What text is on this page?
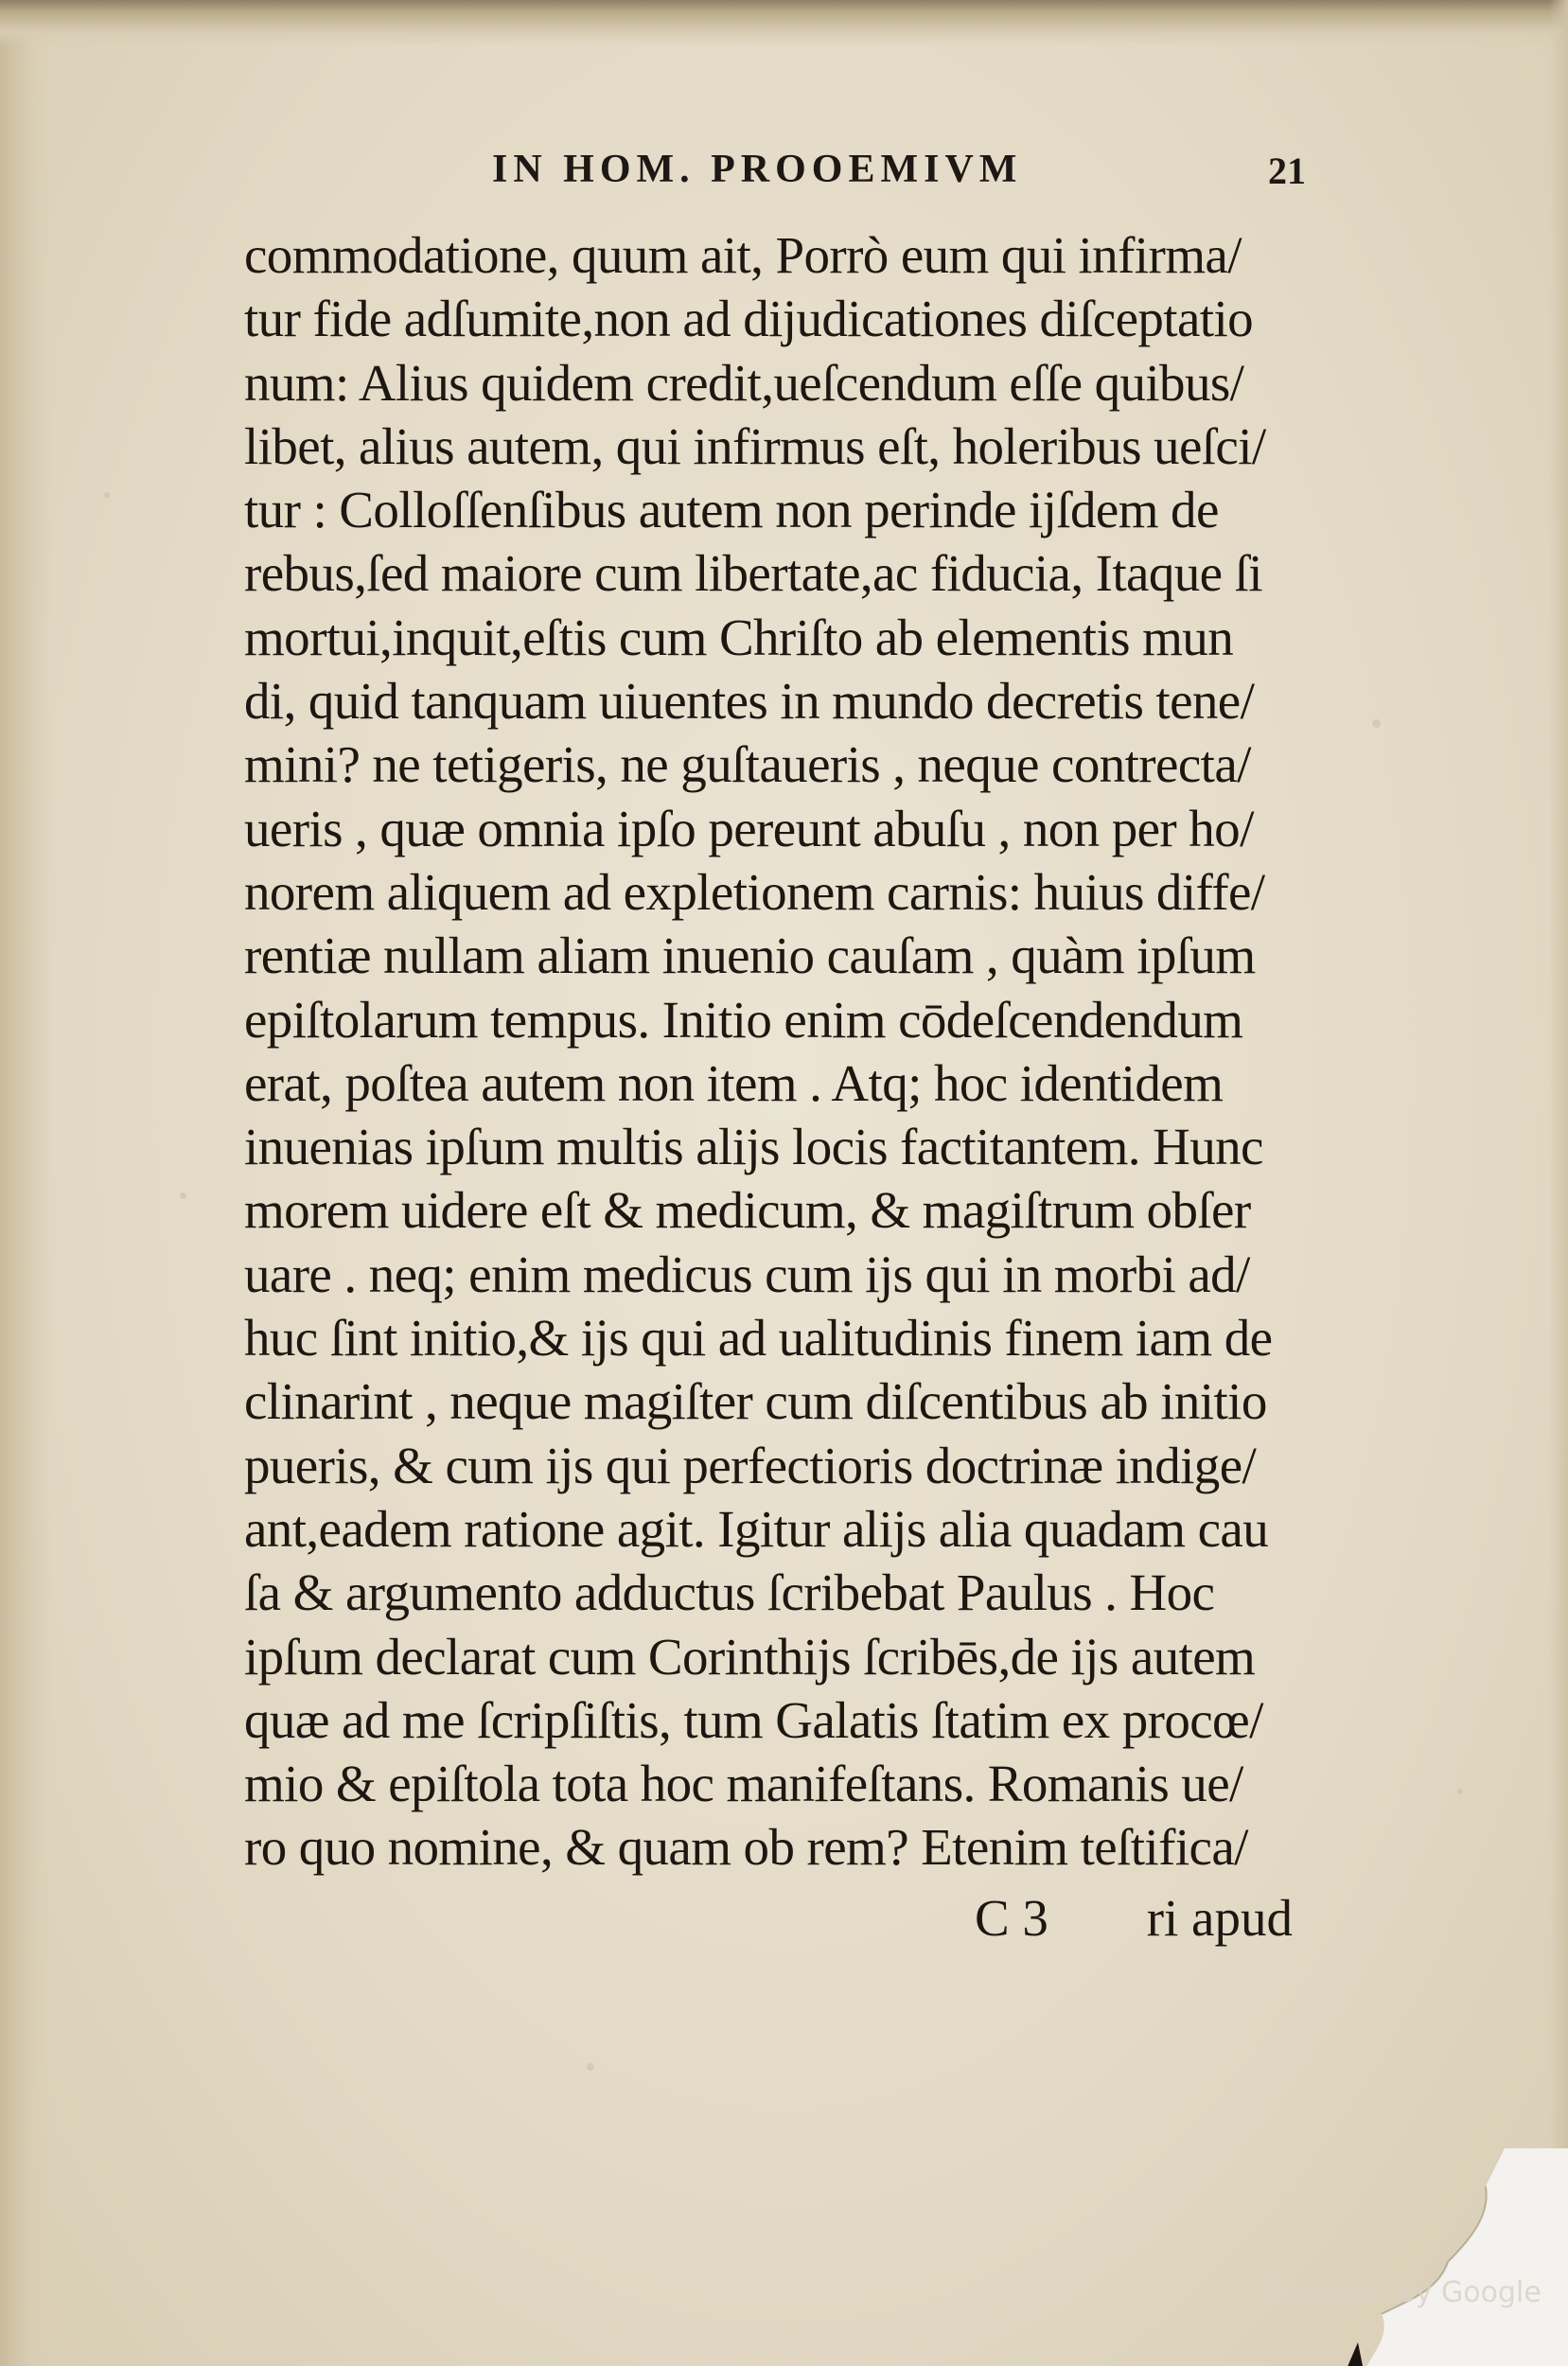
IN HOM. PROOEMIVM	21
commodatione, quum ait, Porrò eum qui infirma/
tur fide adſumite,non ad dijudicationes diſceptatio
num: Alius quidem credit,ueſcendum eſſe quibus/
libet, alius autem, qui infirmus eſt, holeribus ueſci/
tur : Colloſſenſibus autem non perinde ijſdem de
rebus,ſed maiore cum libertate,ac fiducia, Itaque ſi
mortui,inquit,eſtis cum Chriſto ab elementis mun
di, quid tanquam uiuentes in mundo decretis tene/
mini? ne tetigeris, ne guſtaueris , neque contrecta/
ueris , quæ omnia ipſo pereunt abuſu , non per ho/
norem aliquem ad expletionem carnis: huius diffe/
rentiæ nullam aliam inuenio cauſam , quàm ipſum
epiſtolarum tempus. Initio enim cōdeſcendendum
erat, poſtea autem non item . Atq; hoc identidem
inuenias ipſum multis alijs locis factitantem. Hunc
morem uidere eſt & medicum, & magiſtrum obſer
uare . neq; enim medicus cum ijs qui in morbi ad/
huc ſint initio,& ijs qui ad ualitudinis finem iam de
clinarint , neque magiſter cum diſcentibus ab initio
pueris, & cum ijs qui perfectioris doctrinæ indige/
ant,eadem ratione agit. Igitur alijs alia quadam cau
ſa & argumento adductus ſcribebat Paulus . Hoc
ipſum declarat cum Corinthijs ſcribēs,de ijs autem
quæ ad me ſcripſiſtis, tum Galatis ſtatim ex procœ/
mio & epiſtola tota hoc manifeſtans. Romanis ue/
ro quo nomine, & quam ob rem? Etenim teſtifica/
C 3 ri apud
Digitized by Google
